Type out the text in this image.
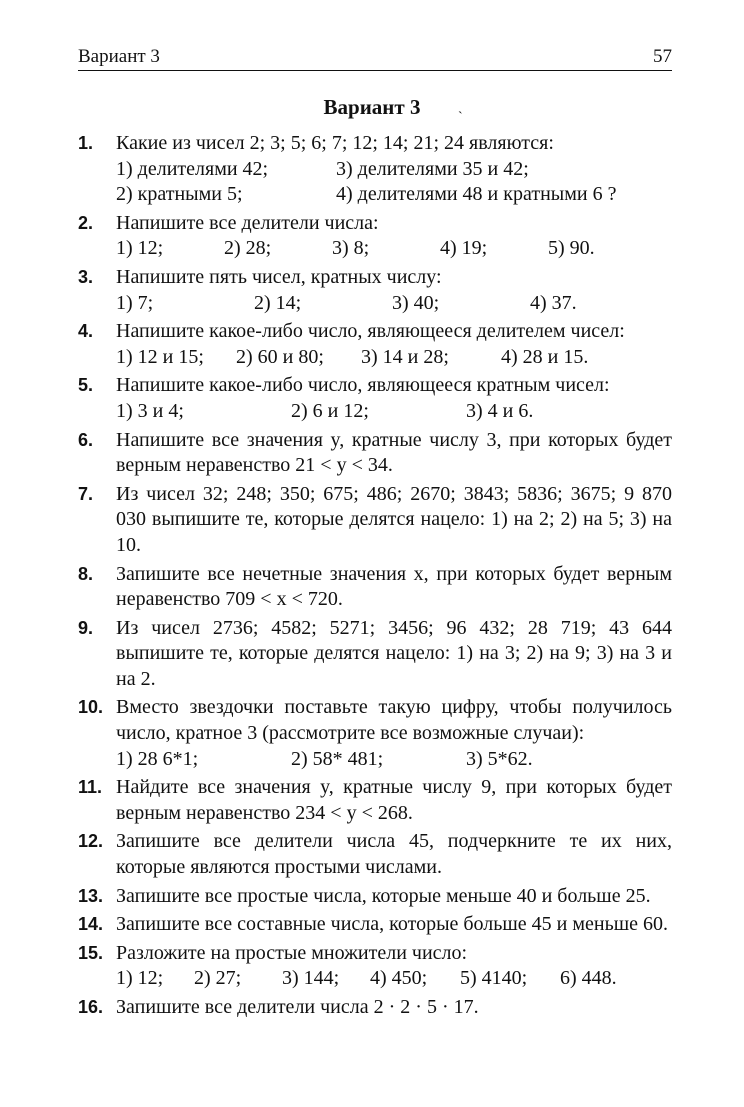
Вариант 3	57
Вариант 3	`
1. Какие из чисел 2; 3; 5; 6; 7; 12; 14; 21; 24 являются:
1) делителями 42;	3) делителями 35 и 42;
2) кратными 5;	4) делителями 48 и кратными 6 ?
2. Напишите все делители числа:
1) 12;	2) 28;	3) 8;	4) 19;	5) 90.
3. Напишите пять чисел, кратных числу:
1) 7;	2) 14;	3) 40;	4) 37.
4. Напишите какое-либо число, являющееся делителем чисел:
1) 12 и 15;	2) 60 и 80;	3) 14 и 28;	4) 28 и 15.
5. Напишите какое-либо число, являющееся кратным чисел:
1) 3 и 4;	2) 6 и 12;	3) 4 и 6.
6. Напишите все значения y, кратные числу 3, при которых будет верным неравенство 21 < y < 34.
7. Из чисел 32; 248; 350; 675; 486; 2670; 3843; 5836; 3675; 9 870 030 выпишите те, которые делятся нацело: 1) на 2; 2) на 5; 3) на 10.
8. Запишите все нечетные значения x, при которых будет верным неравенство 709 < x < 720.
9. Из чисел 2736; 4582; 5271; 3456; 96 432; 28 719; 43 644 выпишите те, которые делятся нацело: 1) на 3; 2) на 9; 3) на 3 и на 2.
10. Вместо звездочки поставьте такую цифру, чтобы получилось число, кратное 3 (рассмотрите все возможные случаи):
1) 28 6*1;	2) 58* 481;	3) 5*62.
11. Найдите все значения y, кратные числу 9, при которых будет верным неравенство 234 < y < 268.
12. Запишите все делители числа 45, подчеркните те их них, которые являются простыми числами.
13. Запишите все простые числа, которые меньше 40 и больше 25.
14. Запишите все составные числа, которые больше 45 и меньше 60.
15. Разложите на простые множители число:
1) 12;	2) 27;	3) 144;	4) 450;	5) 4140;	6) 448.
16. Запишите все делители числа 2 · 2 · 5 · 17.
